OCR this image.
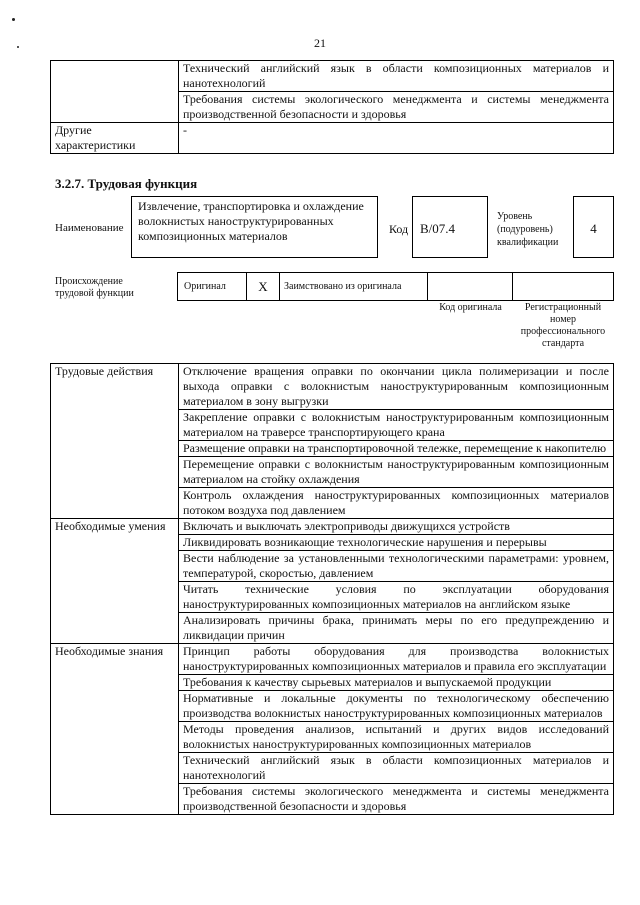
21
	Технический английский язык в области композиционных материалов и нанотехнологий
	Требования системы экологического менеджмента и системы менеджмента производственной безопасности и здоровья
Другие характеристики	-
3.2.7. Трудовая функция
Наименование
Извлечение, транспортировка и охлаждение волокнистых наноструктурированных композиционных материалов	Код В/07.4
Уровень (подуровень) квалификации
4
Происхождение трудовой функции
Оригинал	X	Заимствовано из оригинала		
Код оригинала	Регистрационный номер профессионального стандарта
Трудовые действия	Отключение вращения оправки по окончании цикла полимеризации и после выхода оправки с волокнистым наноструктурированным композиционным материалом в зону выгрузки
	Закрепление оправки с волокнистым наноструктурированным композиционным материалом на траверсе транспортирующего крана
	Размещение оправки на транспортировочной тележке, перемещение к накопителю
	Перемещение оправки с волокнистым наноструктурированным композиционным материалом на стойку охлаждения
	Контроль охлаждения наноструктурированных композиционных материалов потоком воздуха под давлением
Необходимые умения	Включать и выключать электроприводы движущихся устройств
	Ликвидировать возникающие технологические нарушения и перерывы
	Вести наблюдение за установленными технологическими параметрами: уровнем, температурой, скоростью, давлением
	Читать технические условия по эксплуатации оборудования наноструктурированных композиционных материалов на английском языке
	Анализировать причины брака, принимать меры по его предупреждению и ликвидации причин
Необходимые знания	Принцип работы оборудования для производства волокнистых наноструктурированных композиционных материалов и правила его эксплуатации
	Требования к качеству сырьевых материалов и выпускаемой продукции
	Нормативные и локальные документы по технологическому обеспечению производства волокнистых наноструктурированных композиционных материалов
	Методы проведения анализов, испытаний и других видов исследований волокнистых наноструктурированных композиционных материалов
	Технический английский язык в области композиционных материалов и нанотехнологий
	Требования системы экологического менеджмента и системы менеджмента производственной безопасности и здоровья
